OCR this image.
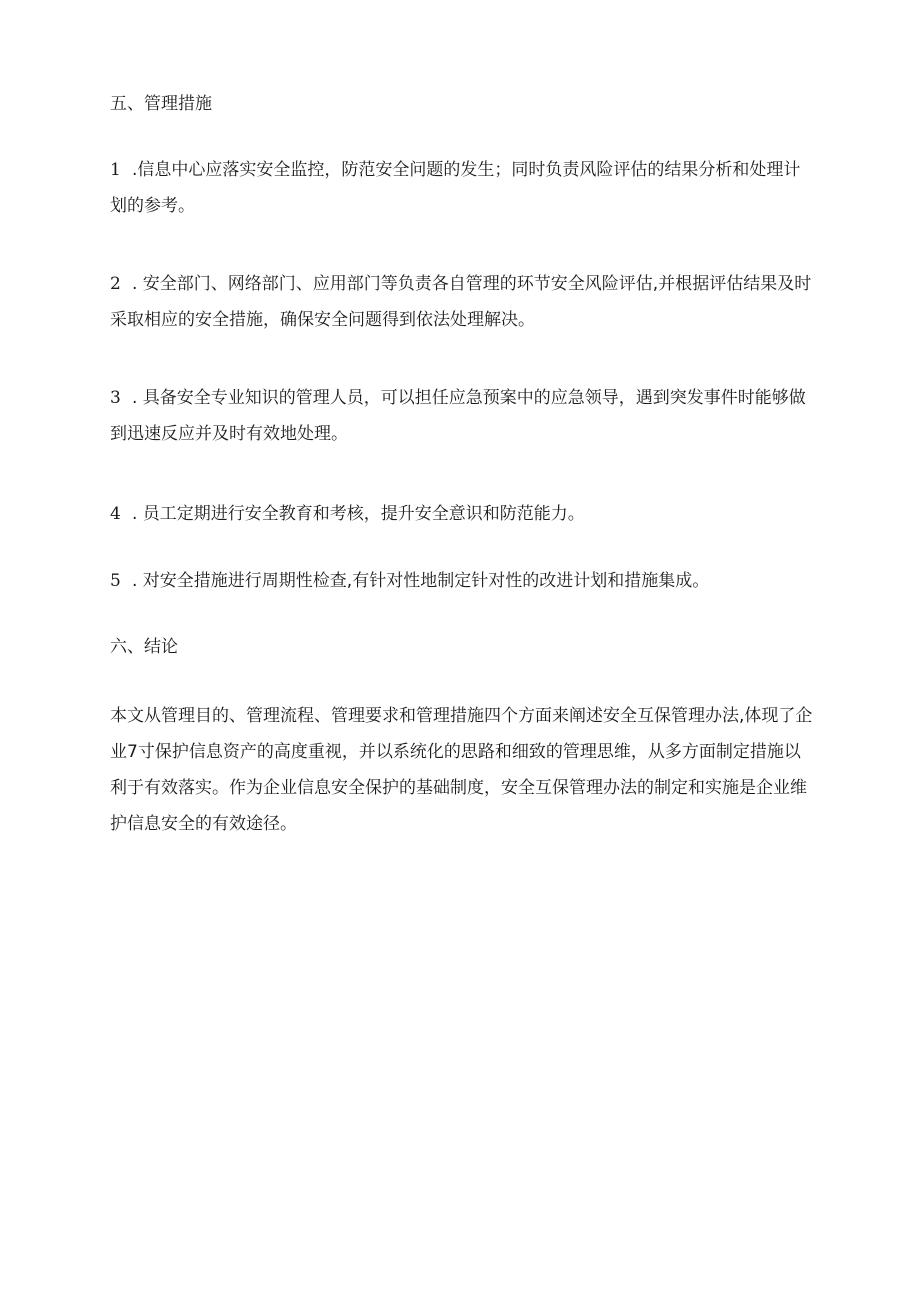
五、管理措施
1 .信息中心应落实安全监控，防范安全问题的发生；同时负责风险评估的结果分析和处理计
划的参考。
2 . 安全部门、网络部门、应用部门等负责各自管理的环节安全风险评估,并根据评估结果及时
采取相应的安全措施，确保安全问题得到依法处理解决。
3 . 具备安全专业知识的管理人员，可以担任应急预案中的应急领导，遇到突发事件时能够做
到迅速反应并及时有效地处理。
4 . 员工定期进行安全教育和考核，提升安全意识和防范能力。
5 . 对安全措施进行周期性检查,有针对性地制定针对性的改进计划和措施集成。
六、结论
本文从管理目的、管理流程、管理要求和管理措施四个方面来阐述安全互保管理办法,体现了企
业7寸保护信息资产的高度重视，并以系统化的思路和细致的管理思维，从多方面制定措施以
利于有效落实。作为企业信息安全保护的基础制度，安全互保管理办法的制定和实施是企业维
护信息安全的有效途径。
